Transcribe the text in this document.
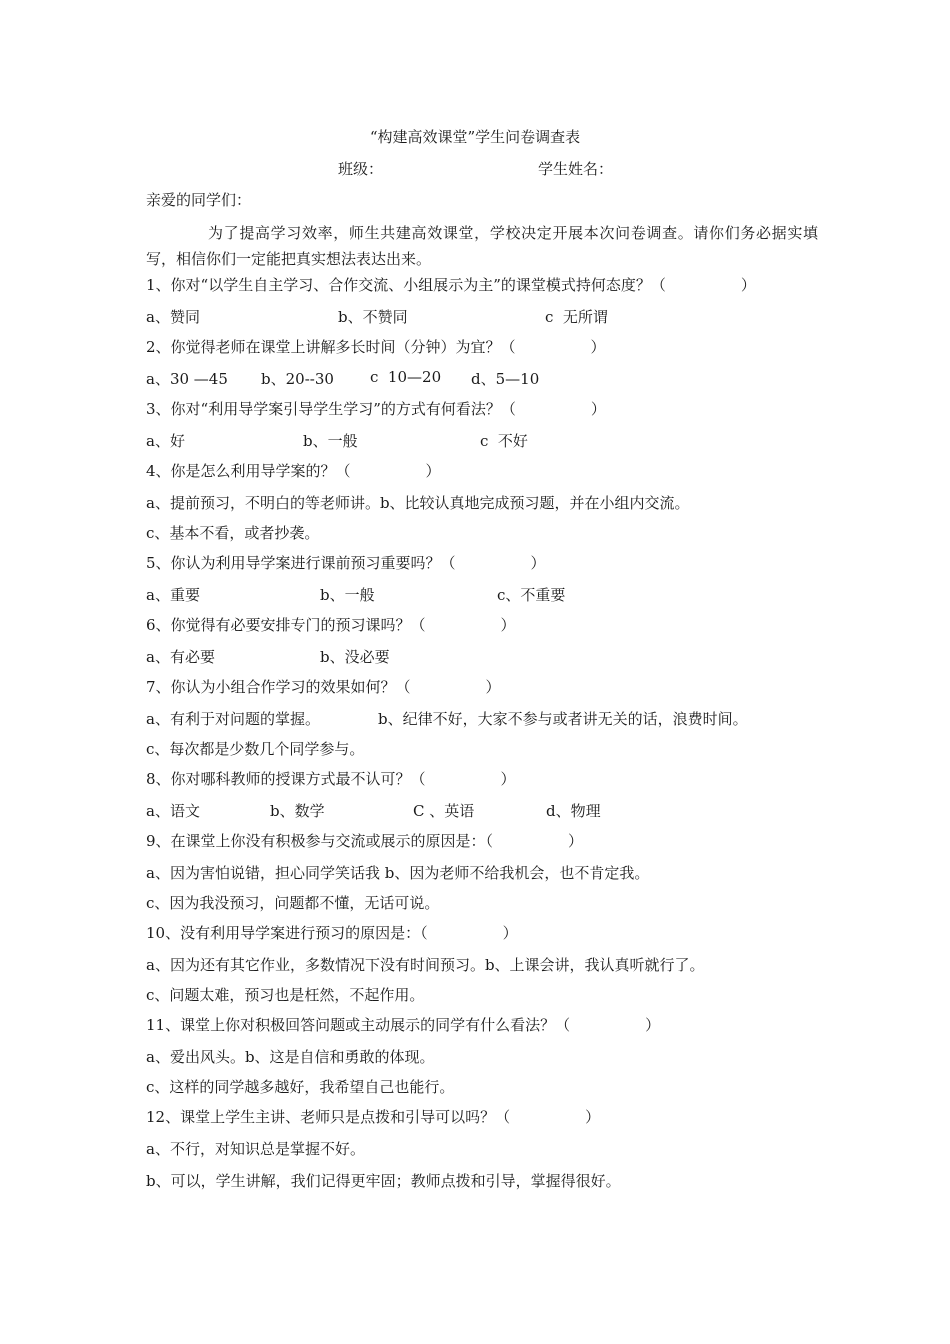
“构建高效课堂”学生问卷调查表
班级：	学生姓名：
亲爱的同学们：
为了提高学习效率，师生共建高效课堂，学校决定开展本次问卷调查。请你们务必据实填写，相信你们一定能把真实想法表达出来。
1、你对“以学生自主学习、合作交流、小组展示为主”的课堂模式持何态度？（　　　　　）
a、赞同	b、不赞同	c  无所谓
2、你觉得老师在课堂上讲解多长时间（分钟）为宜？（　　　　　）
a、30 —45 b、20--30 c  10—20 d、5—10
3、你对“利用导学案引导学生学习”的方式有何看法？（　　　　　）
a、好	b、一般	c  不好
4、你是怎么利用导学案的？（　　　　　）
a、提前预习，不明白的等老师讲。b、比较认真地完成预习题，并在小组内交流。
c、基本不看，或者抄袭。
5、你认为利用导学案进行课前预习重要吗？（　　　　　）
a、重要	b、一般	c、不重要
6、你觉得有必要安排专门的预习课吗？（　　　　　）
a、有必要	b、没必要
7、你认为小组合作学习的效果如何？（　　　　　）
a、有利于对问题的掌握。	b、纪律不好，大家不参与或者讲无关的话，浪费时间。
c、每次都是少数几个同学参与。
8、你对哪科教师的授课方式最不认可？（　　　　　）
a、语文	b、数学	C 、英语	d、物理
9、在课堂上你没有积极参与交流或展示的原因是：（　　　　　）
a、因为害怕说错，担心同学笑话我 b、因为老师不给我机会，也不肯定我。
c、因为我没预习，问题都不懂，无话可说。
10、没有利用导学案进行预习的原因是：（　　　　　）
a、因为还有其它作业，多数情况下没有时间预习。b、上课会讲，我认真听就行了。
c、问题太难，预习也是枉然，不起作用。
11、课堂上你对积极回答问题或主动展示的同学有什么看法？（　　　　　）
a、爱出风头。b、这是自信和勇敢的体现。
c、这样的同学越多越好，我希望自己也能行。
12、课堂上学生主讲、老师只是点拨和引导可以吗？（　　　　　）
a、不行，对知识总是掌握不好。
b、可以，学生讲解，我们记得更牢固；教师点拨和引导，掌握得很好。
